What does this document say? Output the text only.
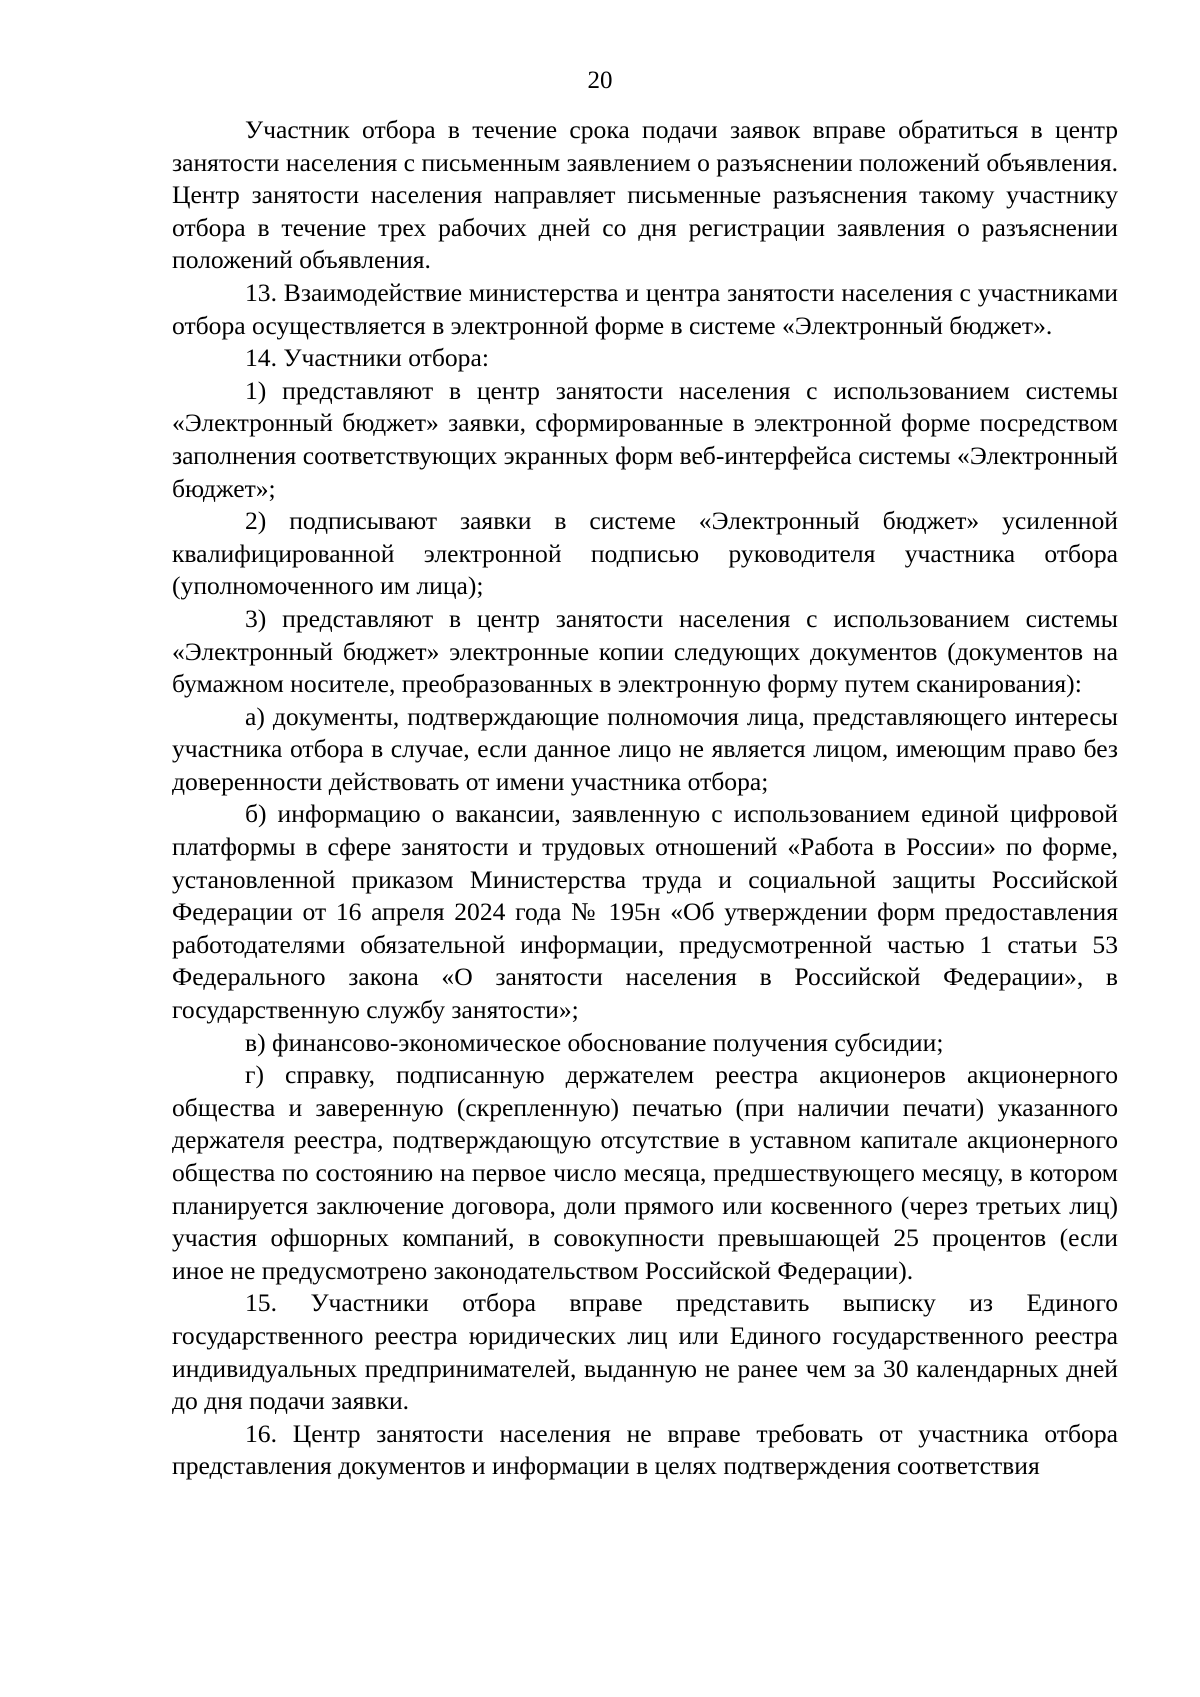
20

Участник отбора в течение срока подачи заявок вправе обратиться в центр занятости населения с письменным заявлением о разъяснении положений объявления. Центр занятости населения направляет письменные разъяснения такому участнику отбора в течение трех рабочих дней со дня регистрации заявления о разъяснении положений объявления.

13. Взаимодействие министерства и центра занятости населения с участниками отбора осуществляется в электронной форме в системе «Электронный бюджет».

14. Участники отбора:

1) представляют в центр занятости населения с использованием системы «Электронный бюджет» заявки, сформированные в электронной форме посредством заполнения соответствующих экранных форм веб-интерфейса системы «Электронный бюджет»;

2) подписывают заявки в системе «Электронный бюджет» усиленной квалифицированной электронной подписью руководителя участника отбора (уполномоченного им лица);

3) представляют в центр занятости населения с использованием системы «Электронный бюджет» электронные копии следующих документов (документов на бумажном носителе, преобразованных в электронную форму путем сканирования):

а) документы, подтверждающие полномочия лица, представляющего интересы участника отбора в случае, если данное лицо не является лицом, имеющим право без доверенности действовать от имени участника отбора;

б) информацию о вакансии, заявленную с использованием единой цифровой платформы в сфере занятости и трудовых отношений «Работа в России» по форме, установленной приказом Министерства труда и социальной защиты Российской Федерации от 16 апреля 2024 года № 195н «Об утверждении форм предоставления работодателями обязательной информации, предусмотренной частью 1 статьи 53 Федерального закона «О занятости населения в Российской Федерации», в государственную службу занятости»;

в) финансово-экономическое обоснование получения субсидии;

г) справку, подписанную держателем реестра акционеров акционерного общества и заверенную (скрепленную) печатью (при наличии печати) указанного держателя реестра, подтверждающую отсутствие в уставном капитале акционерного общества по состоянию на первое число месяца, предшествующего месяцу, в котором планируется заключение договора, доли прямого или косвенного (через третьих лиц) участия офшорных компаний, в совокупности превышающей 25 процентов (если иное не предусмотрено законодательством Российской Федерации).

15. Участники отбора вправе представить выписку из Единого государственного реестра юридических лиц или Единого государственного реестра индивидуальных предпринимателей, выданную не ранее чем за 30 календарных дней до дня подачи заявки.

16. Центр занятости населения не вправе требовать от участника отбора представления документов и информации в целях подтверждения соответствия
